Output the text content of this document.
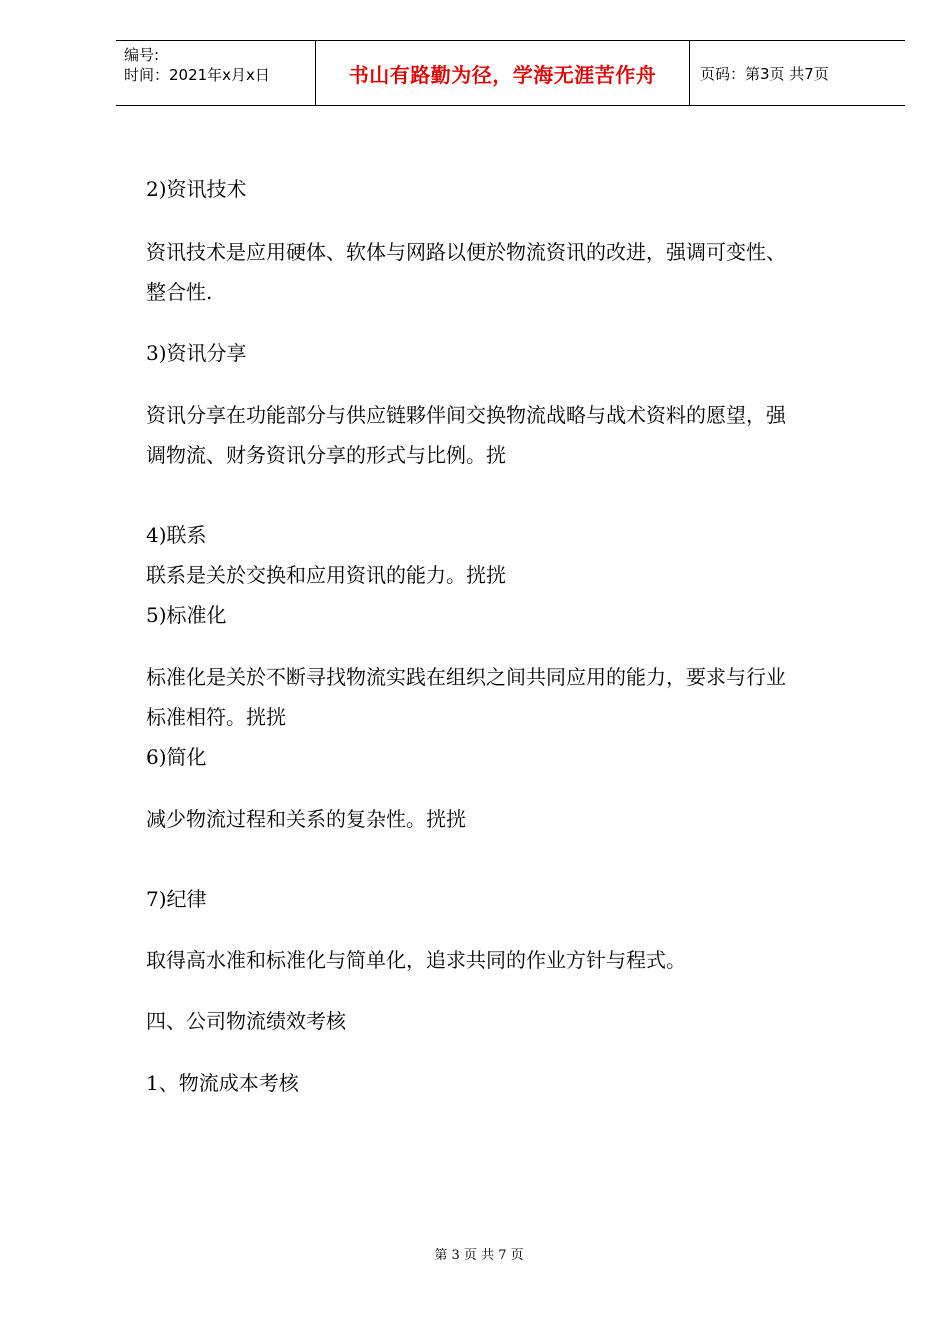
编号:
时间：2021年x月x日	书山有路勤为径，学海无涯苦作舟	页码：第3页 共7页
2)资讯技术
资讯技术是应用硬体、软体与网路以便於物流资讯的改进，强调可变性、
整合性.
3)资讯分享
资讯分享在功能部分与供应链夥伴间交换物流战略与战术资料的愿望，强
调物流、财务资讯分享的形式与比例。挄
4)联系
联系是关於交换和应用资讯的能力。挄挄
5)标准化
标准化是关於不断寻找物流实践在组织之间共同应用的能力，要求与行业
标准相符。挄挄
6)简化
减少物流过程和关系的复杂性。挄挄
7)纪律
取得高水准和标准化与简单化，追求共同的作业方针与程式。
四、公司物流绩效考核
1、物流成本考核
第 3 页 共 7 页
